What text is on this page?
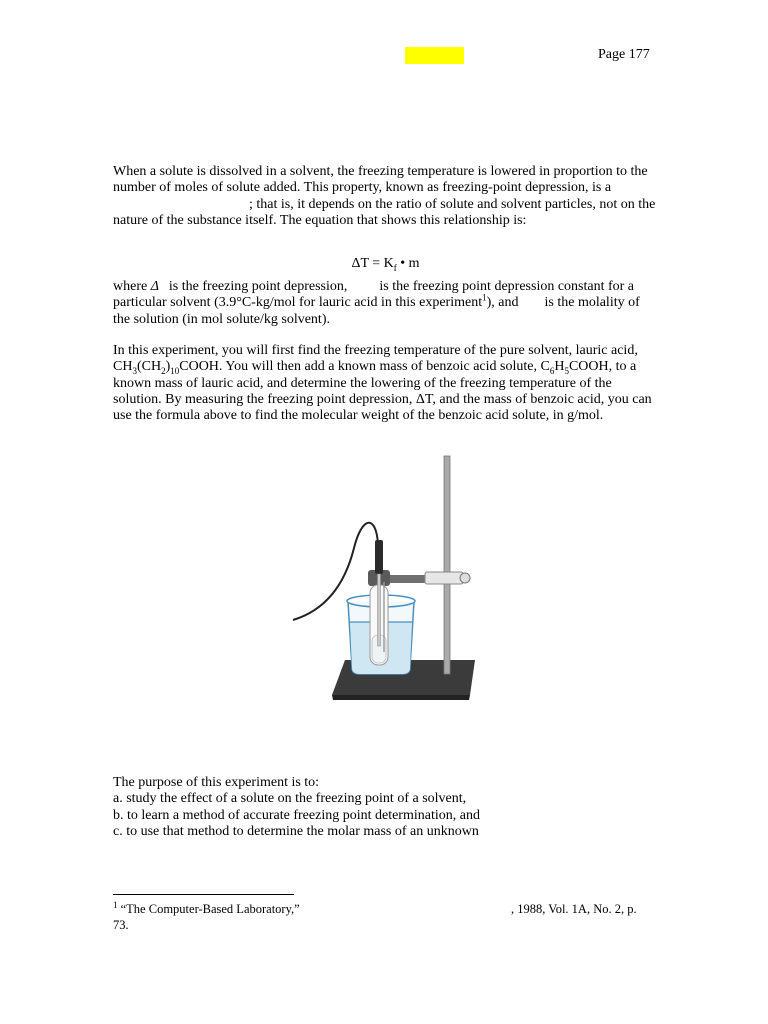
Page 177
When a solute is dissolved in a solvent, the freezing temperature is lowered in proportion to the number of moles of solute added. This property, known as freezing-point depression, is a; that is, it depends on the ratio of solute and solvent particles, not on the nature of the substance itself. The equation that shows this relationship is:
$\Delta T = K_f$ • m
where Δ is the freezing point depression, is the freezing point depression constant for a particular solvent (3.9°C-kg/mol for lauric acid in this experiment$^1$), and is the molality of the solution (in mol solute/kg solvent).
In this experiment, you will first find the freezing temperature of the pure solvent, lauric acid, $CH_3(CH_2)_{10}COOH$. You will then add a known mass of benzoic acid solute, $C_6H_5COOH$, to a known mass of lauric acid, and determine the lowering of the freezing temperature of the solution. By measuring the freezing point depression, ΔT, and the mass of benzoic acid, you can use the formula above to find the molecular weight of the benzoic acid solute, in g/mol.
The purpose of this experiment is to:
a. study the effect of a solute on the freezing point of a solvent,
b. to learn a method of accurate freezing point determination, and
c. to use that method to determine the molar mass of an unknown
$^1$ “The Computer-Based Laboratory,”	, 1988, Vol. 1A, No. 2, p.
73.
